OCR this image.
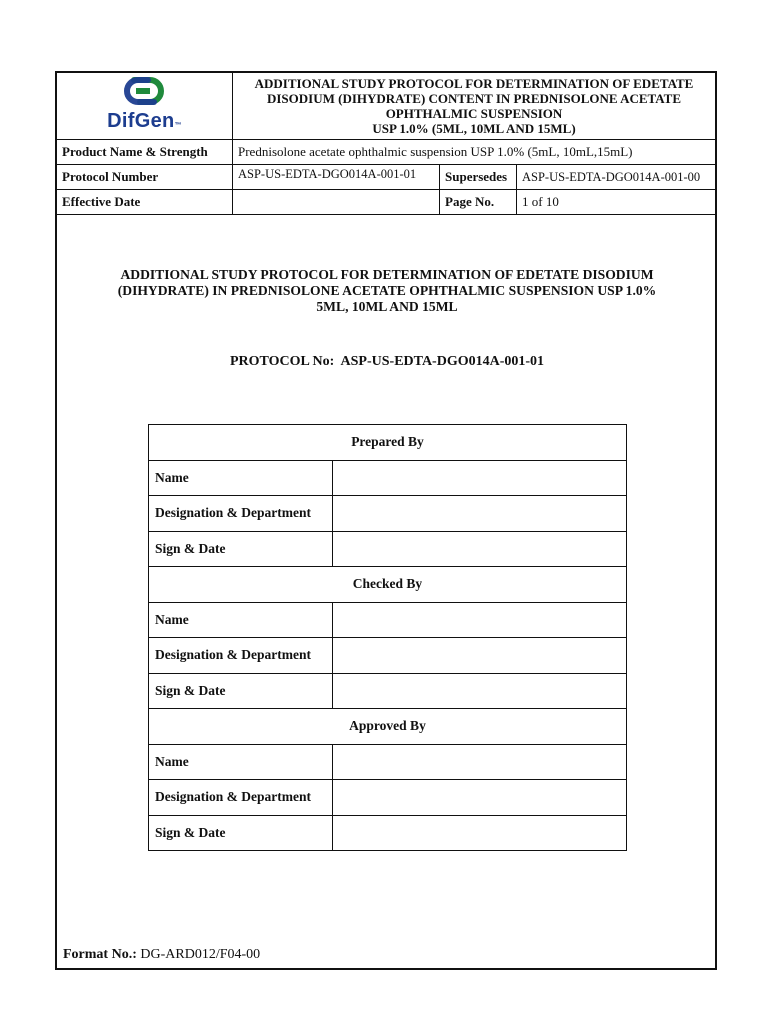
DifGen™	ADDITIONAL STUDY PROTOCOL FOR DETERMINATION OF EDETATE
DISODIUM (DIHYDRATE) CONTENT IN PREDNISOLONE ACETATE
OPHTHALMIC SUSPENSION
USP 1.0% (5ML, 10ML AND 15ML)		

Product Name & Strength	Prednisolone acetate ophthalmic suspension USP 1.0% (5mL, 10mL,15mL)		
Protocol Number	ASP-US-EDTA-DGO014A-001-01	Supersedes	ASP-US-EDTA-DGO014A-001-00
Effective Date		Page No.	1 of 10
ADDITIONAL STUDY PROTOCOL FOR DETERMINATION OF EDETATE DISODIUM
(DIHYDRATE) IN PREDNISOLONE ACETATE OPHTHALMIC SUSPENSION USP 1.0%
5ML, 10ML AND 15ML
PROTOCOL No:  ASP-US-EDTA-DGO014A-001-01
Prepared By	
Name	
Designation & Department	
Sign & Date	
Checked By	
Name	
Designation & Department	
Sign & Date	
Approved By	
Name	
Designation & Department	
Sign & Date	
Format No.: DG-ARD012/F04-00
